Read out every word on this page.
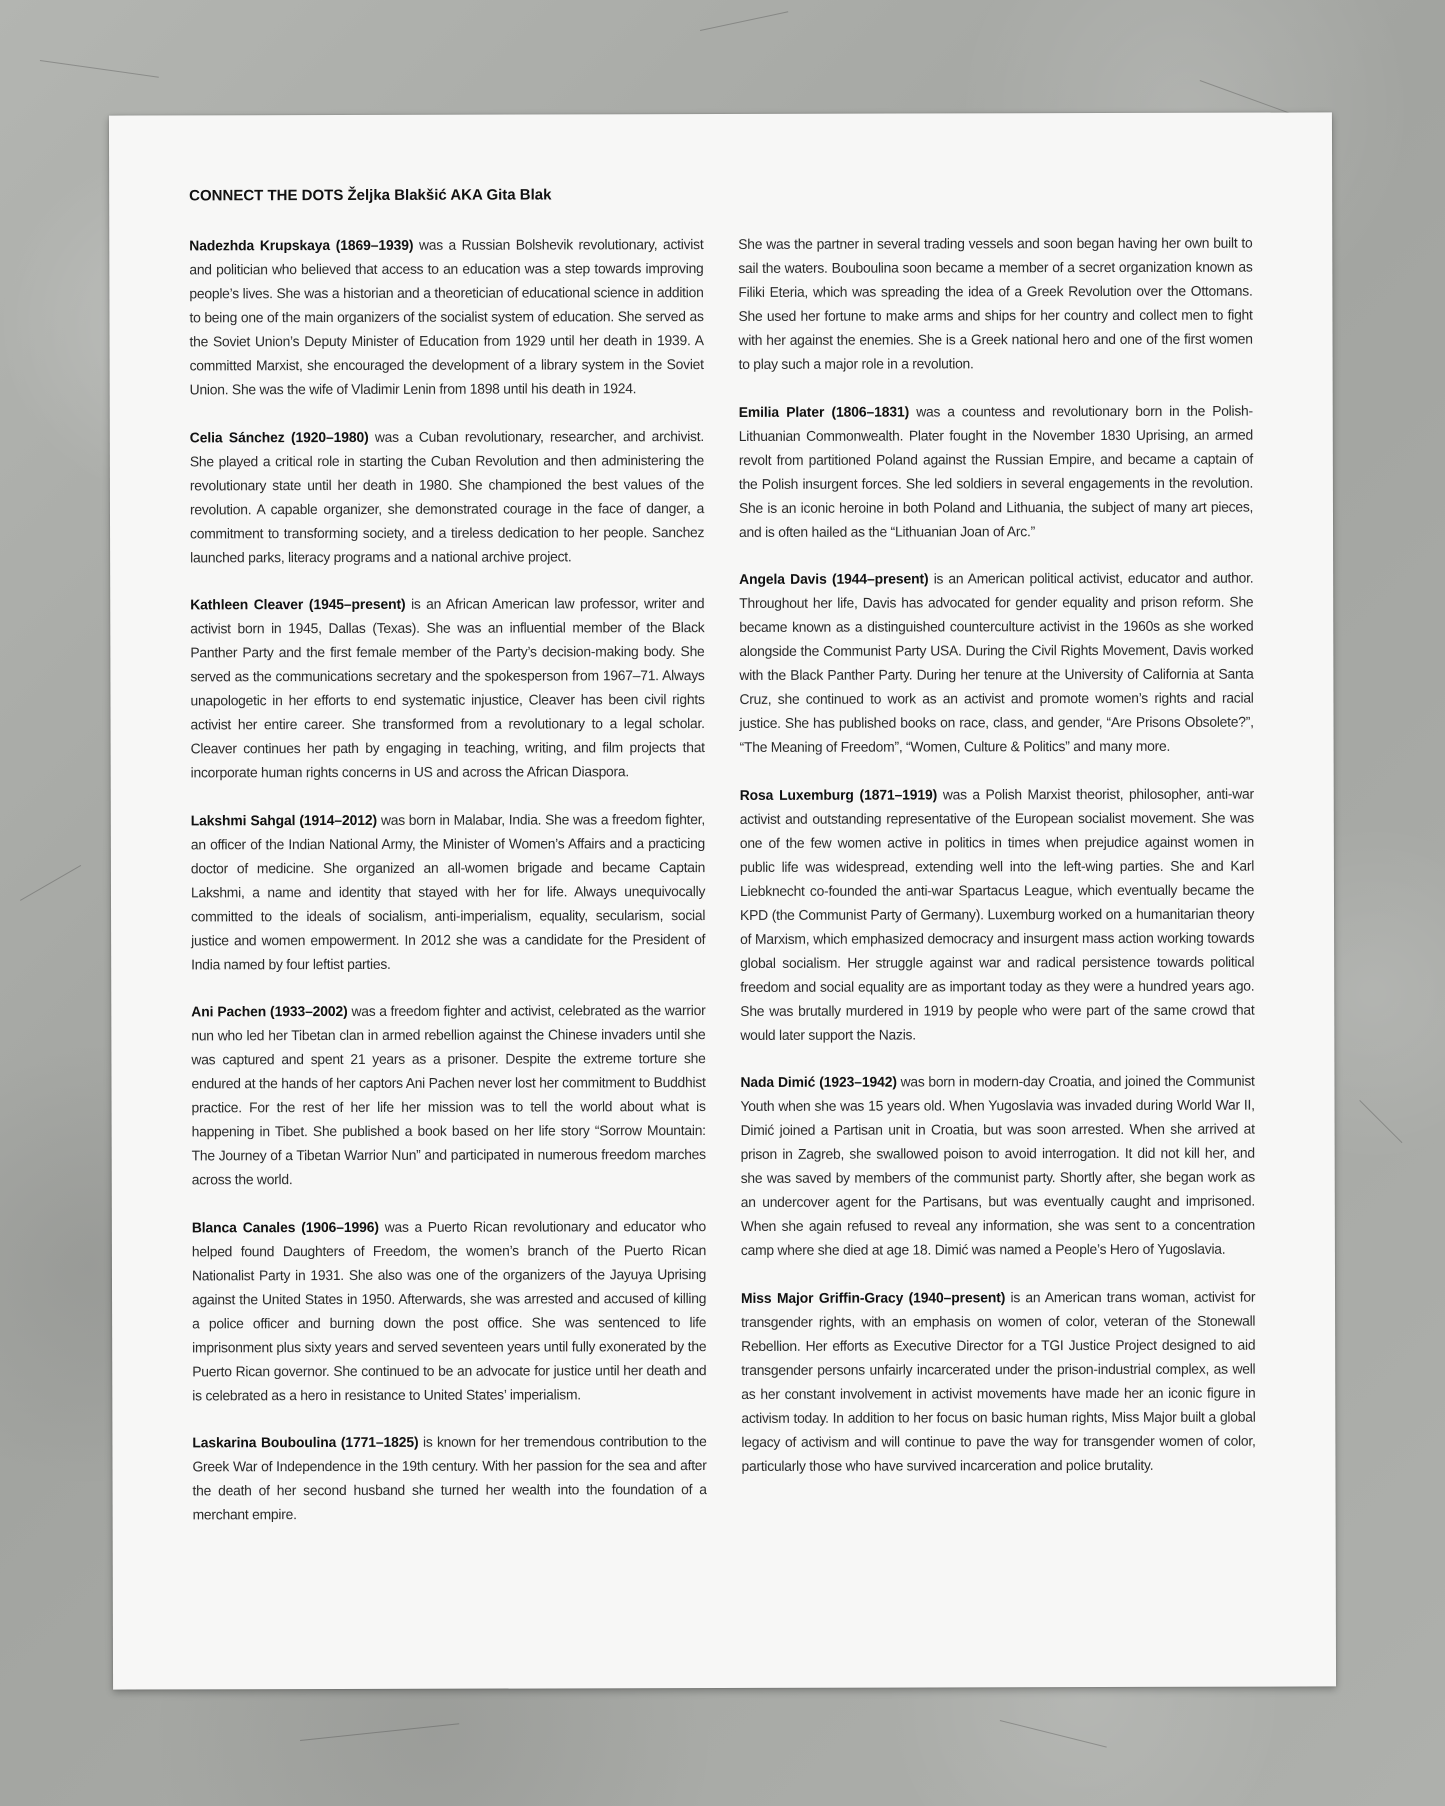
CONNECT THE DOTS Željka Blakšić AKA Gita Blak

Nadezhda Krupskaya (1869–1939) was a Russian Bolshevik revolutionary, activist and politician who believed that access to an education was a step towards improving people’s lives. She was a historian and a theoretician of educational science in addition to being one of the main organizers of the socialist system of education. She served as the Soviet Union’s Deputy Minister of Education from 1929 until her death in 1939. A committed Marxist, she encouraged the development of a library system in the Soviet Union. She was the wife of Vladimir Lenin from 1898 until his death in 1924.

Celia Sánchez (1920–1980) was a Cuban revolutionary, researcher, and archivist. She played a critical role in starting the Cuban Revolution and then administering the revolutionary state until her death in 1980. She championed the best values of the revolution. A capable organizer, she demonstrated courage in the face of danger, a commitment to transforming society, and a tireless dedication to her people. Sanchez launched parks, literacy programs and a national archive project.

Kathleen Cleaver (1945–present) is an African American law professor, writer and activist born in 1945, Dallas (Texas). She was an influential member of the Black Panther Party and the first female member of the Party’s decision-making body. She served as the communications secretary and the spokesperson from 1967–71. Always unapologetic in her efforts to end systematic injustice, Cleaver has been civil rights activist her entire career. She transformed from a revolutionary to a legal scholar. Cleaver continues her path by engaging in teaching, writing, and film projects that incorporate human rights concerns in US and across the African Diaspora.

Lakshmi Sahgal (1914–2012) was born in Malabar, India. She was a freedom fighter, an officer of the Indian National Army, the Minister of Women’s Affairs and a practicing doctor of medicine. She organized an all-women brigade and became Captain Lakshmi, a name and identity that stayed with her for life. Always unequivocally committed to the ideals of socialism, anti-imperialism, equality, secularism, social justice and women empowerment. In 2012 she was a candidate for the President of India named by four leftist parties.

Ani Pachen (1933–2002) was a freedom fighter and activist, celebrated as the warrior nun who led her Tibetan clan in armed rebellion against the Chinese invaders until she was captured and spent 21 years as a prisoner. Despite the extreme torture she endured at the hands of her captors Ani Pachen never lost her commitment to Buddhist practice. For the rest of her life her mission was to tell the world about what is happening in Tibet. She published a book based on her life story “Sorrow Mountain: The Journey of a Tibetan Warrior Nun” and participated in numerous freedom marches across the world.

Blanca Canales (1906–1996) was a Puerto Rican revolutionary and educator who helped found Daughters of Freedom, the women’s branch of the Puerto Rican Nationalist Party in 1931. She also was one of the organizers of the Jayuya Uprising against the United States in 1950. Afterwards, she was arrested and accused of killing a police officer and burning down the post office. She was sentenced to life imprisonment plus sixty years and served seventeen years until fully exonerated by the Puerto Rican governor. She continued to be an advocate for justice until her death and is celebrated as a hero in resistance to United States’ imperialism.

Laskarina Bouboulina (1771–1825) is known for her tremendous contribution to the Greek War of Independence in the 19th century. With her passion for the sea and after the death of her second husband she turned her wealth into the foundation of a merchant empire.

She was the partner in several trading vessels and soon began having her own built to sail the waters. Bouboulina soon became a member of a secret organization known as Filiki Eteria, which was spreading the idea of a Greek Revolution over the Ottomans. She used her fortune to make arms and ships for her country and collect men to fight with her against the enemies. She is a Greek national hero and one of the first women to play such a major role in a revolution.

Emilia Plater (1806–1831) was a countess and revolutionary born in the Polish-Lithuanian Commonwealth. Plater fought in the November 1830 Uprising, an armed revolt from partitioned Poland against the Russian Empire, and became a captain of the Polish insurgent forces. She led soldiers in several engagements in the revolution. She is an iconic heroine in both Poland and Lithuania, the subject of many art pieces, and is often hailed as the “Lithuanian Joan of Arc.”

Angela Davis (1944–present) is an American political activist, educator and author. Throughout her life, Davis has advocated for gender equality and prison reform. She became known as a distinguished counterculture activist in the 1960s as she worked alongside the Communist Party USA. During the Civil Rights Movement, Davis worked with the Black Panther Party. During her tenure at the University of California at Santa Cruz, she continued to work as an activist and promote women’s rights and racial justice. She has published books on race, class, and gender, “Are Prisons Obsolete?”, “The Meaning of Freedom”, “Women, Culture & Politics” and many more.

Rosa Luxemburg (1871–1919) was a Polish Marxist theorist, philosopher, anti-war activist and outstanding representative of the European socialist movement. She was one of the few women active in politics in times when prejudice against women in public life was widespread, extending well into the left-wing parties. She and Karl Liebknecht co-founded the anti-war Spartacus League, which eventually became the KPD (the Communist Party of Germany). Luxemburg worked on a humanitarian theory of Marxism, which emphasized democracy and insurgent mass action working towards global socialism. Her struggle against war and radical persistence towards political freedom and social equality are as important today as they were a hundred years ago. She was brutally murdered in 1919 by people who were part of the same crowd that would later support the Nazis.

Nada Dimić (1923–1942) was born in modern-day Croatia, and joined the Communist Youth when she was 15 years old. When Yugoslavia was invaded during World War II, Dimić joined a Partisan unit in Croatia, but was soon arrested. When she arrived at prison in Zagreb, she swallowed poison to avoid interrogation. It did not kill her, and she was saved by members of the communist party. Shortly after, she began work as an undercover agent for the Partisans, but was eventually caught and imprisoned. When she again refused to reveal any information, she was sent to a concentration camp where she died at age 18. Dimić was named a People’s Hero of Yugoslavia.

Miss Major Griffin-Gracy (1940–present) is an American trans woman, activist for transgender rights, with an emphasis on women of color, veteran of the Stonewall Rebellion. Her efforts as Executive Director for a TGI Justice Project designed to aid transgender persons unfairly incarcerated under the prison-industrial complex, as well as her constant involvement in activist movements have made her an iconic figure in activism today. In addition to her focus on basic human rights, Miss Major built a global legacy of activism and will continue to pave the way for transgender women of color, particularly those who have survived incarceration and police brutality.
